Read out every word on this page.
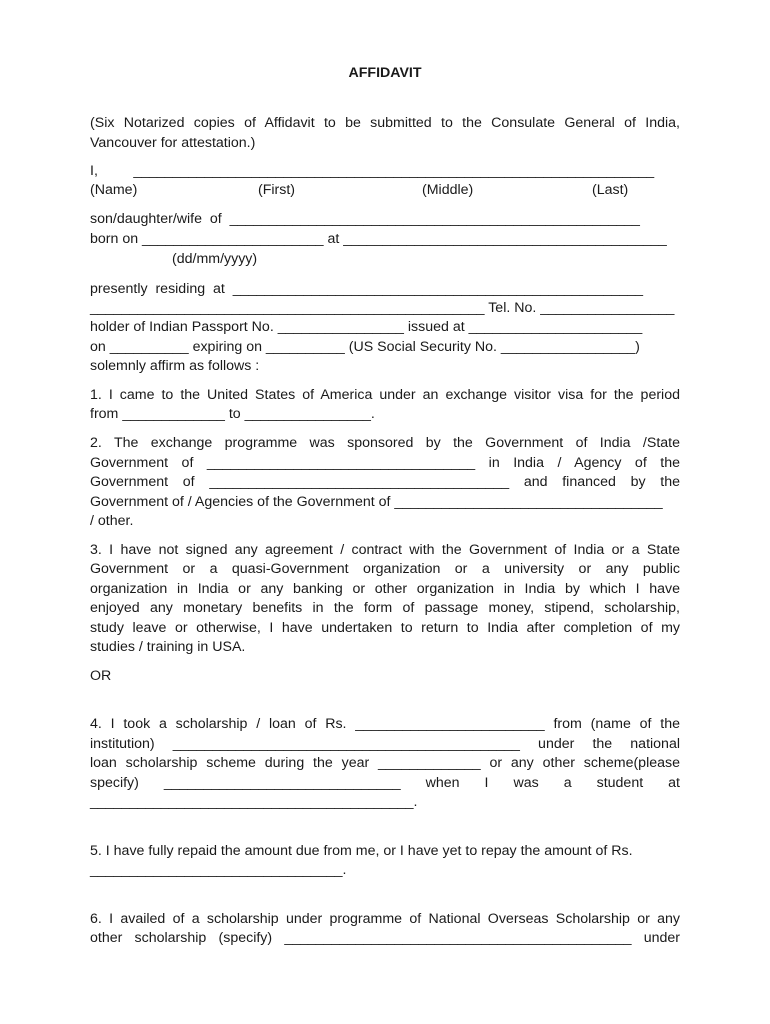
AFFIDAVIT

(Six Notarized copies of Affidavit to be submitted to the Consulate General of India,

Vancouver for attestation.)

I,         __________________________________________________________________

(Name)	(First)	(Middle)	(Last)

son/daughter/wife  of  ____________________________________________________

born on _______________________ at _________________________________________

(dd/mm/yyyy)

presently  residing  at  ____________________________________________________

__________________________________________________ Tel. No. _________________

holder of Indian Passport No. ________________ issued at ______________________

on __________ expiring on __________ (US Social Security No. _________________)

solemnly affirm as follows :

1. I came to the United States of America under an exchange visitor visa for the period

from _____________ to ________________.

2. The exchange programme was sponsored by the Government of India /State

Government of __________________________________ in India / Agency of the

Government of ______________________________________ and financed by the

Government of / Agencies of the Government of __________________________________

/ other.

3. I have not signed any agreement / contract with the Government of India or a State

Government or a quasi-Government organization or a university or any public

organization in India or any banking or other organization in India by which I have

enjoyed any monetary benefits in the form of passage money, stipend, scholarship,

study leave or otherwise, I have undertaken to return to India after completion of my

studies / training in USA.

OR

4. I took a scholarship / loan of Rs. ________________________ from (name of the

institution) ____________________________________________ under the national

loan scholarship scheme during the year _____________ or any other scheme(please

specify) ______________________________ when I was a student at

_________________________________________.

5. I have fully repaid the amount due from me, or I have yet to repay the amount of Rs.

________________________________.

6. I availed of a scholarship under programme of National Overseas Scholarship or any

other scholarship (specify) ____________________________________________ under
